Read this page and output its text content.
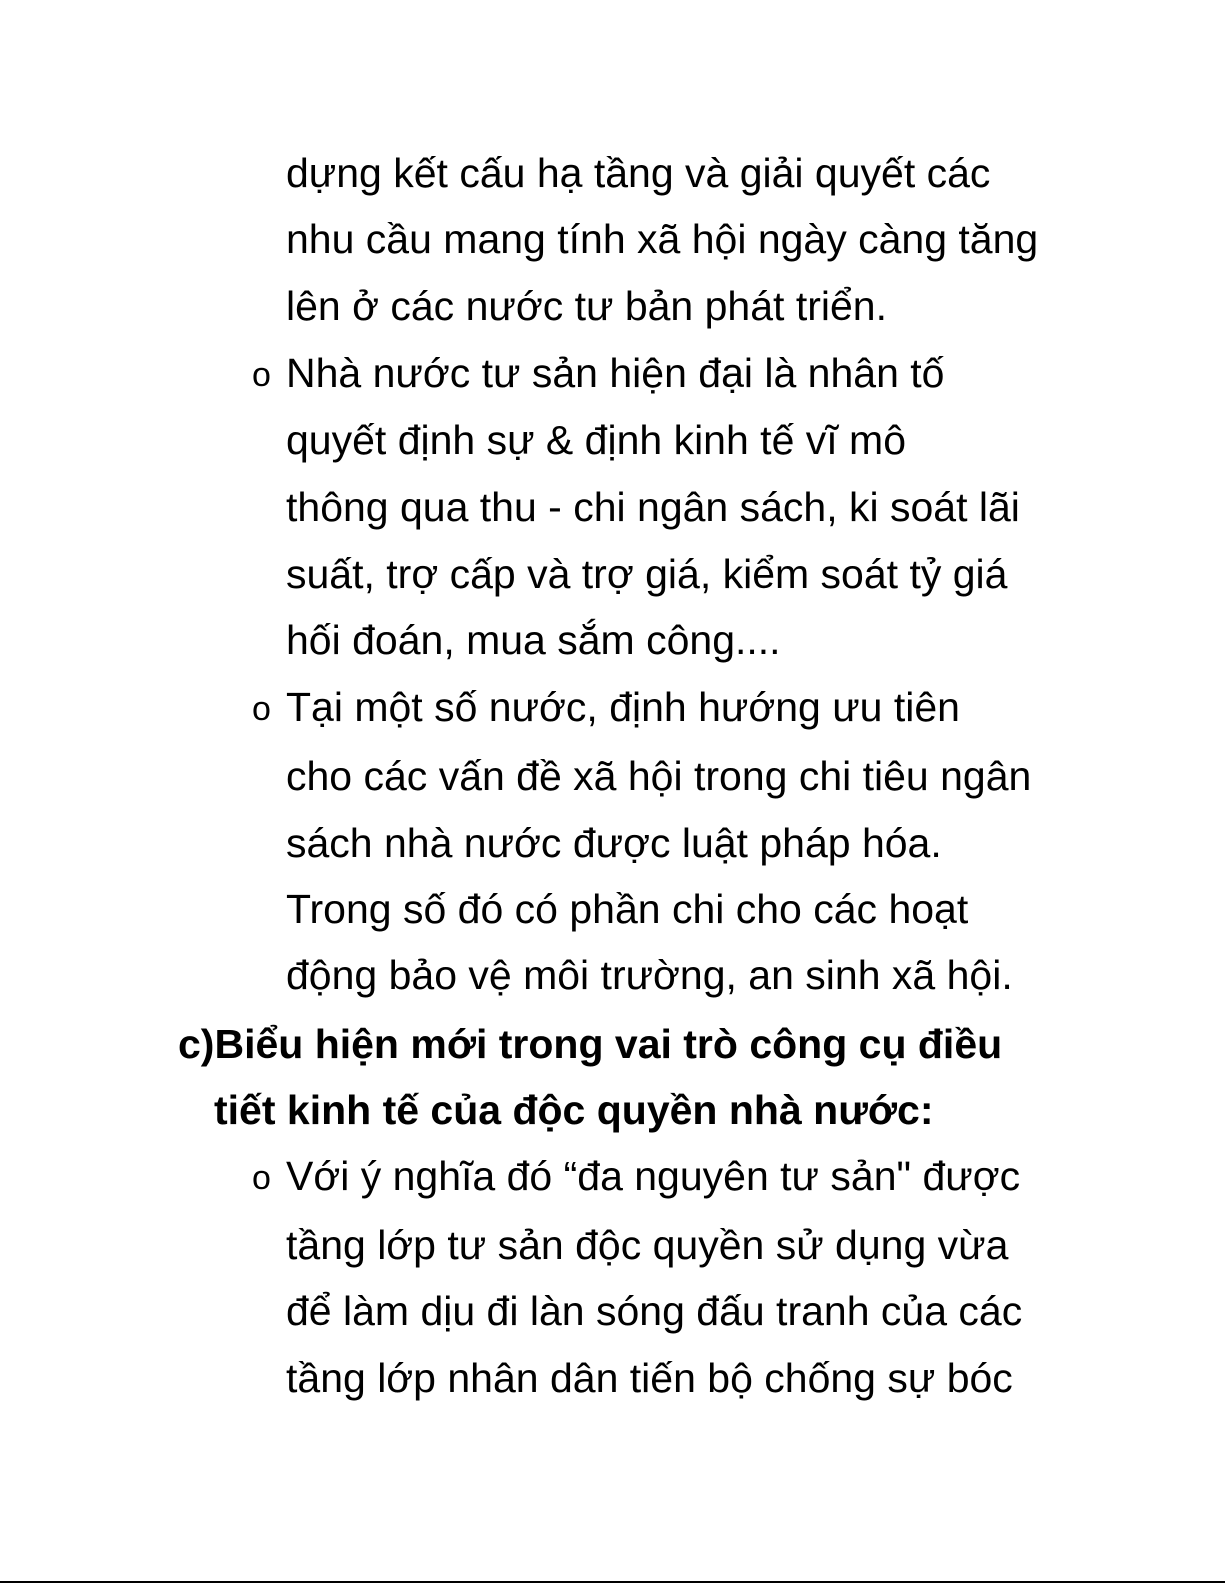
dựng kết cấu hạ tầng và giải quyết các
nhu cầu mang tính xã hội ngày càng tăng
lên ở các nước tư bản phát triển.
o Nhà nước tư sản hiện đại là nhân tố
quyết định sự & định kinh tế vĩ mô
thông qua thu - chi ngân sách, ki soát lãi
suất, trợ cấp và trợ giá, kiểm soát tỷ giá
hối đoán, mua sắm công....
o Tại một số nước, định hướng ưu tiên
cho các vấn đề xã hội trong chi tiêu ngân
sách nhà nước được luật pháp hóa.
Trong số đó có phần chi cho các hoạt
động bảo vệ môi trường, an sinh xã hội.
c)Biểu hiện mới trong vai trò công cụ điều
tiết kinh tế của độc quyền nhà nước:
o Với ý nghĩa đó “đa nguyên tư sản" được
tầng lớp tư sản độc quyền sử dụng vừa
để làm dịu đi làn sóng đấu tranh của các
tầng lớp nhân dân tiến bộ chống sự bóc
